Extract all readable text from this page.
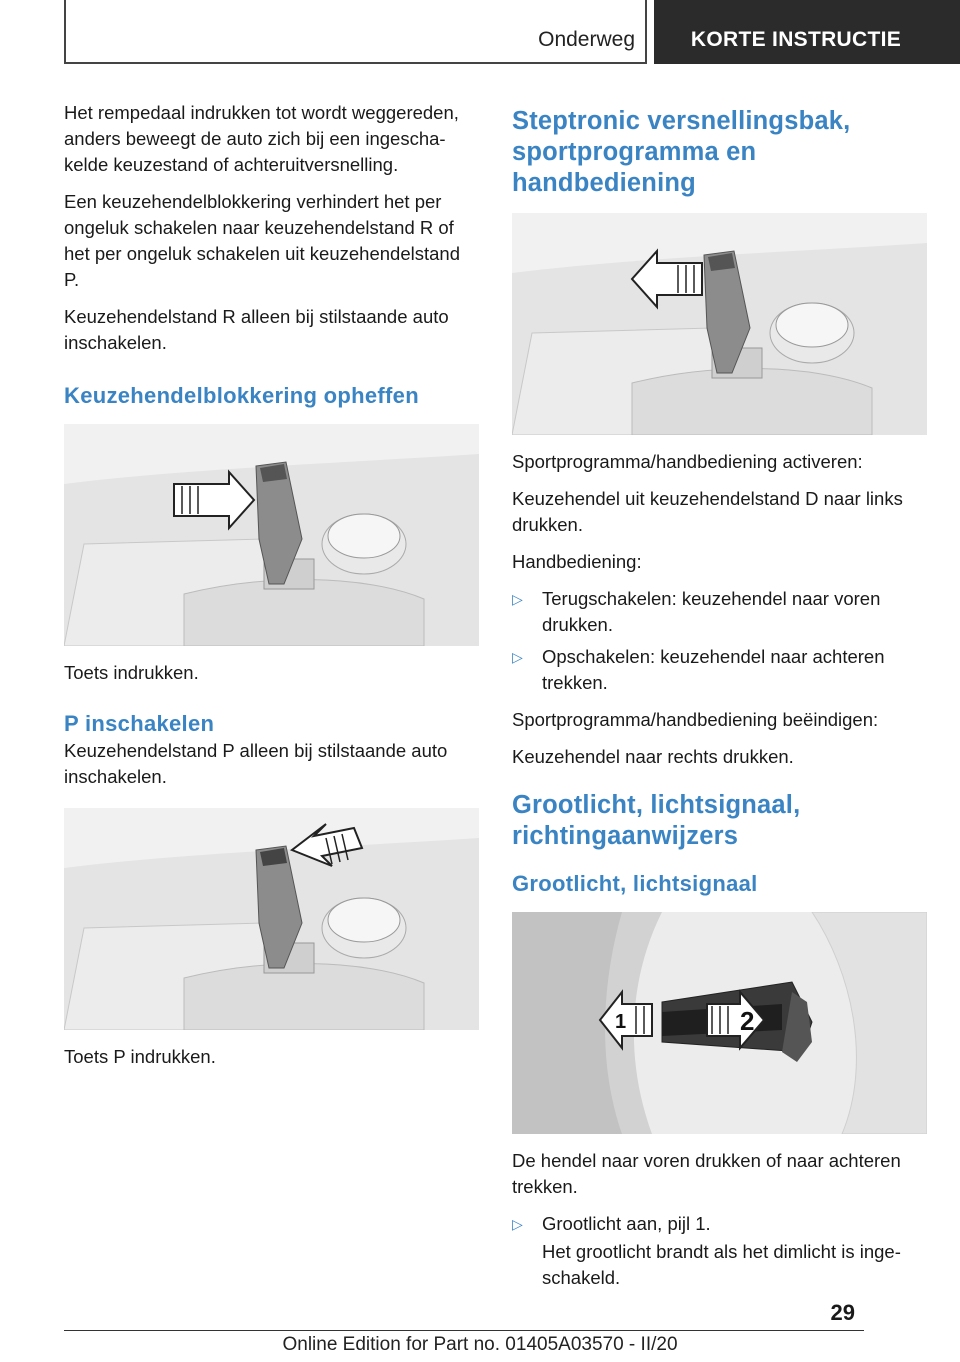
Onderweg	KORTE INSTRUCTIE

Het rempedaal indrukken tot wordt weggereden, anders beweegt de auto zich bij een ingeschakelde keuzestand of achteruitversnelling.

Een keuzehendelblokkering verhindert het per ongeluk schakelen naar keuzehendelstand R of het per ongeluk schakelen uit keuzehendelstand P.

Keuzehendelstand R alleen bij stilstaande auto inschakelen.

Keuzehendelblokkering opheffen

Toets indrukken.

P inschakelen

Keuzehendelstand P alleen bij stilstaande auto inschakelen.

Toets P indrukken.

Steptronic versnellingsbak, sportprogramma en handbediening

Sportprogramma/handbediening activeren:

Keuzehendel uit keuzehendelstand D naar links drukken.

Handbediening:

▷ Terugschakelen: keuzehendel naar voren drukken.
▷ Opschakelen: keuzehendel naar achteren trekken.

Sportprogramma/handbediening beëindigen:

Keuzehendel naar rechts drukken.

Grootlicht, lichtsignaal, richtingaanwijzers
Grootlicht, lichtsignaal
1	2

De hendel naar voren drukken of naar achteren trekken.

▷ Grootlicht aan, pijl 1.

Het grootlicht brandt als het dimlicht is ingeschakeld.

29
Online Edition for Part no. 01405A03570 - II/20
